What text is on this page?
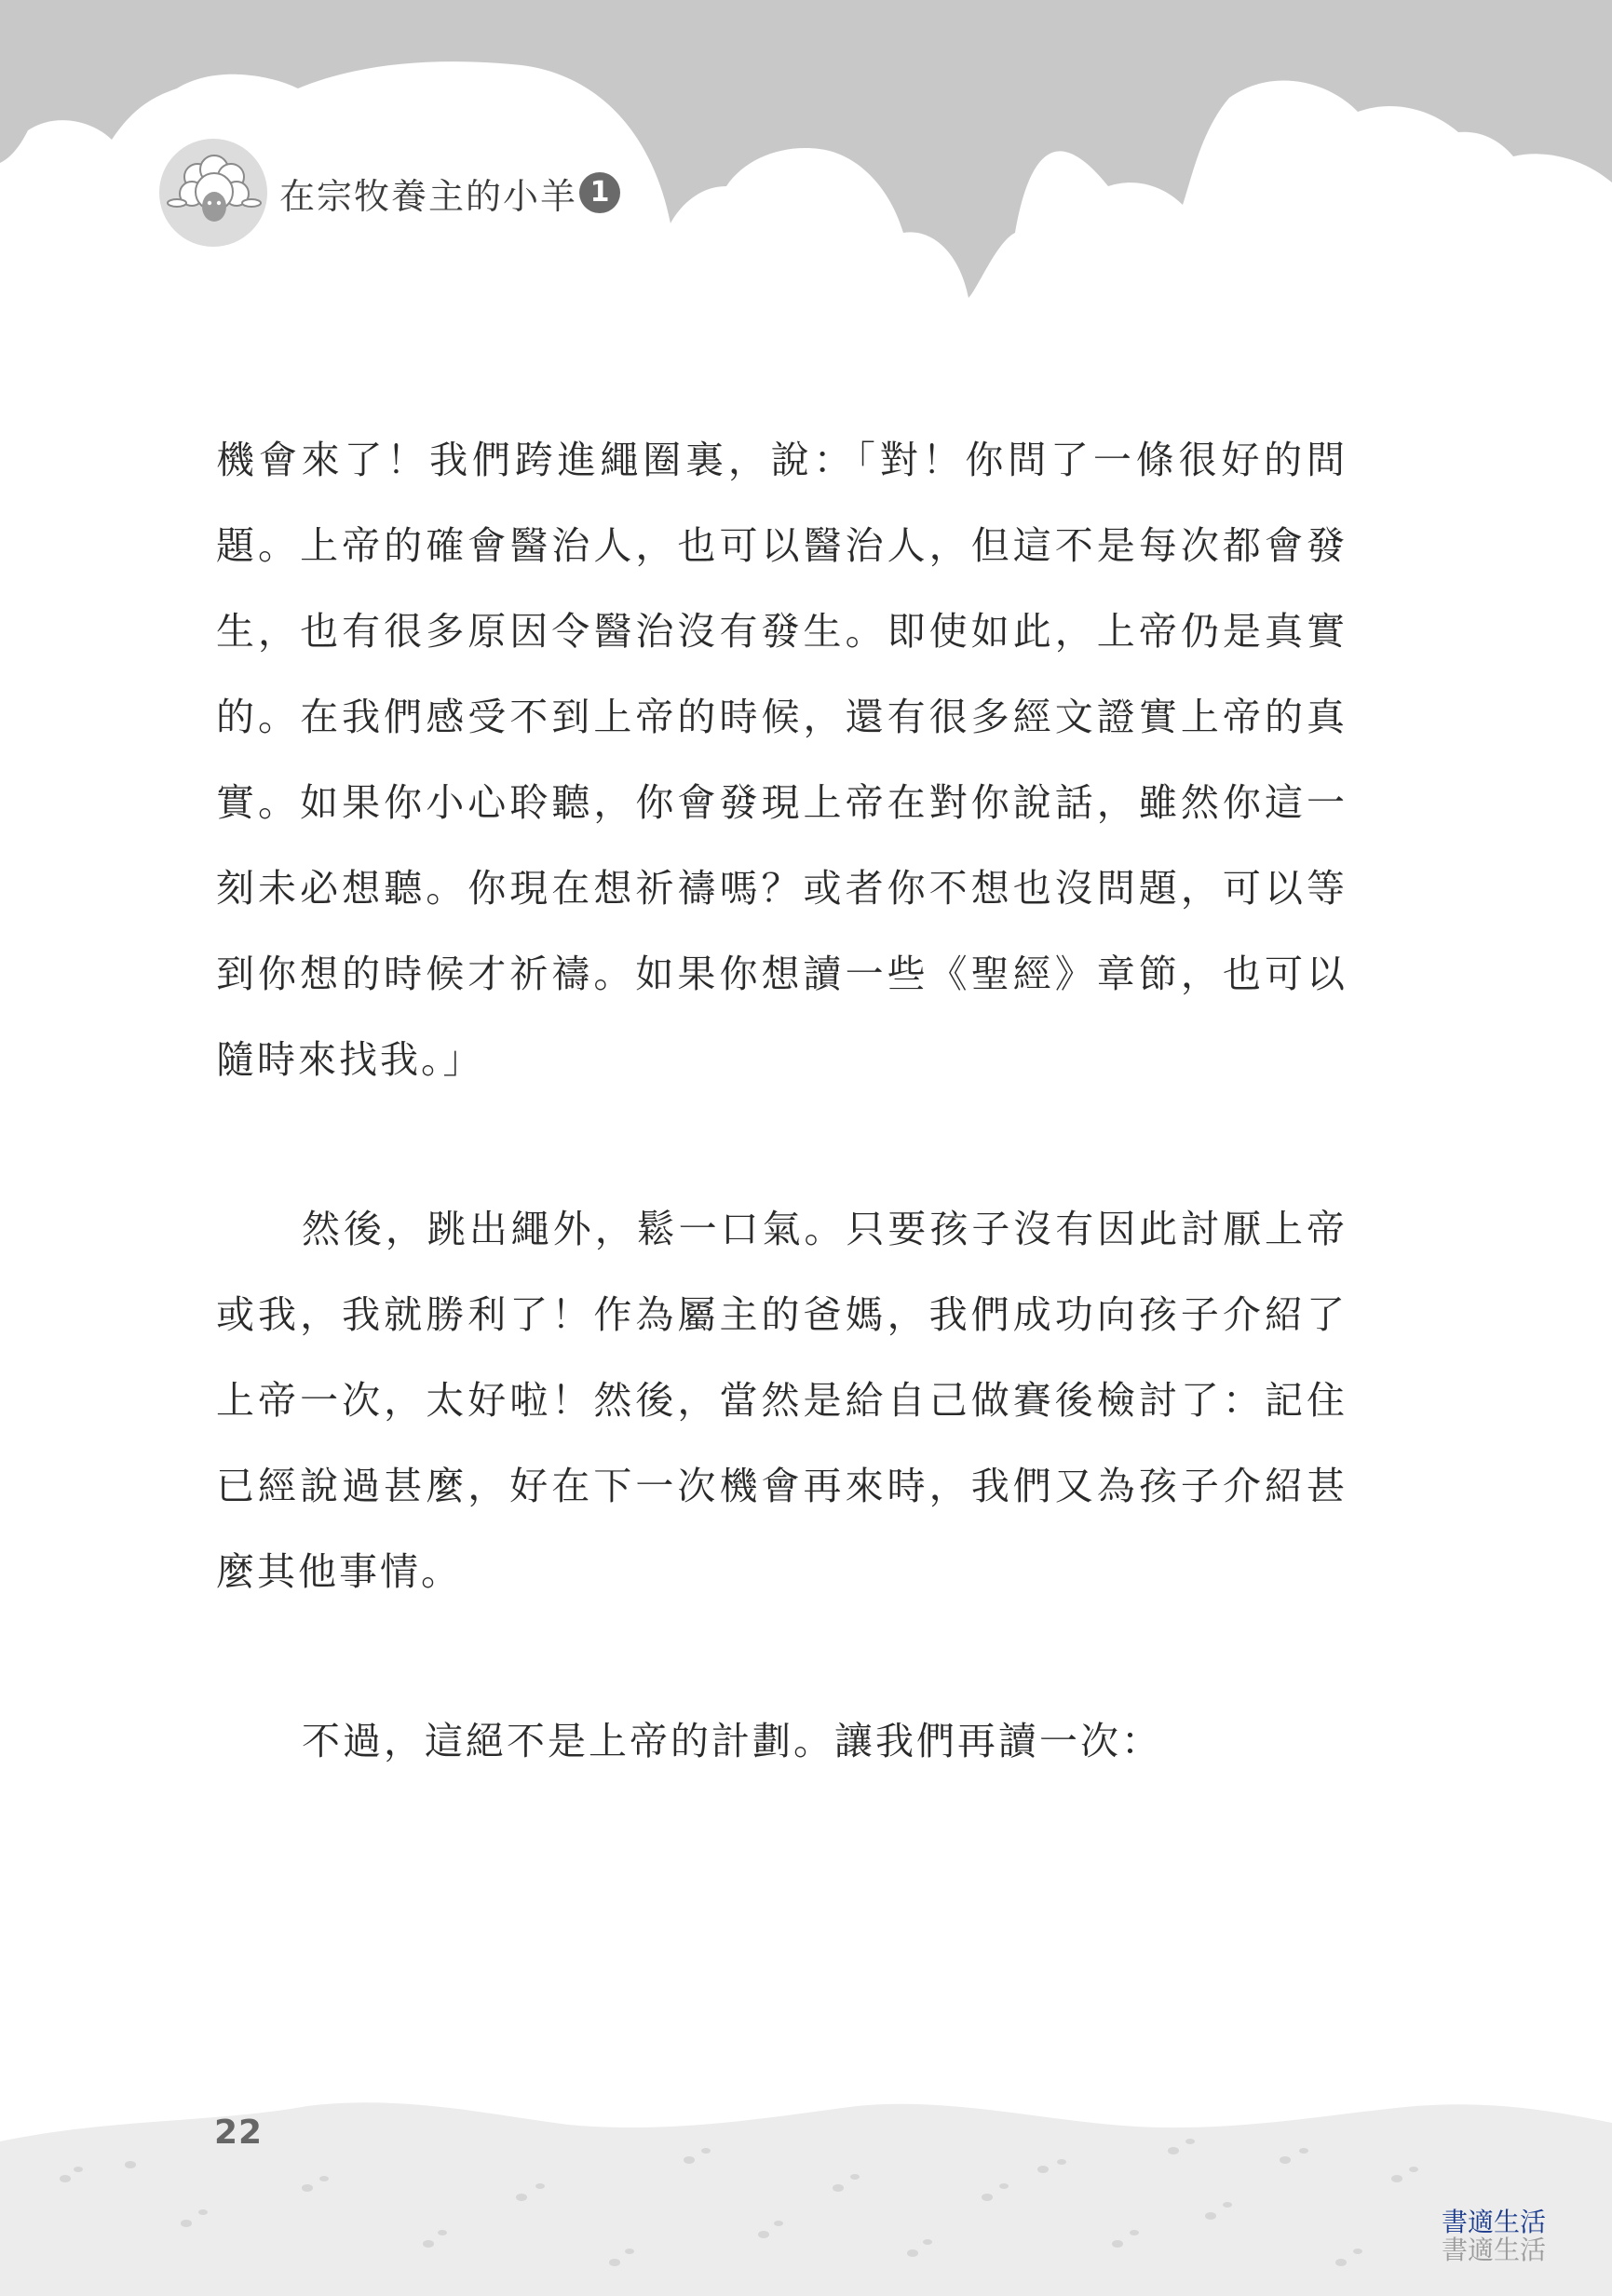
在宗牧養主的小羊 1

機會來了！我們跨進繩圈裏，說：「對！你問了一條很好的問題。上帝的確會醫治人，也可以醫治人，但這不是每次都會發生，也有很多原因令醫治沒有發生。即使如此，上帝仍是真實的。在我們感受不到上帝的時候，還有很多經文證實上帝的真實。如果你小心聆聽，你會發現上帝在對你說話，雖然你這一刻未必想聽。你現在想祈禱嗎？或者你不想也沒問題，可以等到你想的時候才祈禱。如果你想讀一些《聖經》章節，也可以隨時來找我。」

然後，跳出繩外，鬆一口氣。只要孩子沒有因此討厭上帝或我，我就勝利了！作為屬主的爸媽，我們成功向孩子介紹了上帝一次，太好啦！然後，當然是給自己做賽後檢討了：記住已經說過甚麼，好在下一次機會再來時，我們又為孩子介紹甚麼其他事情。

不過，這絕不是上帝的計劃。讓我們再讀一次：

22
書適生活
書適生活
